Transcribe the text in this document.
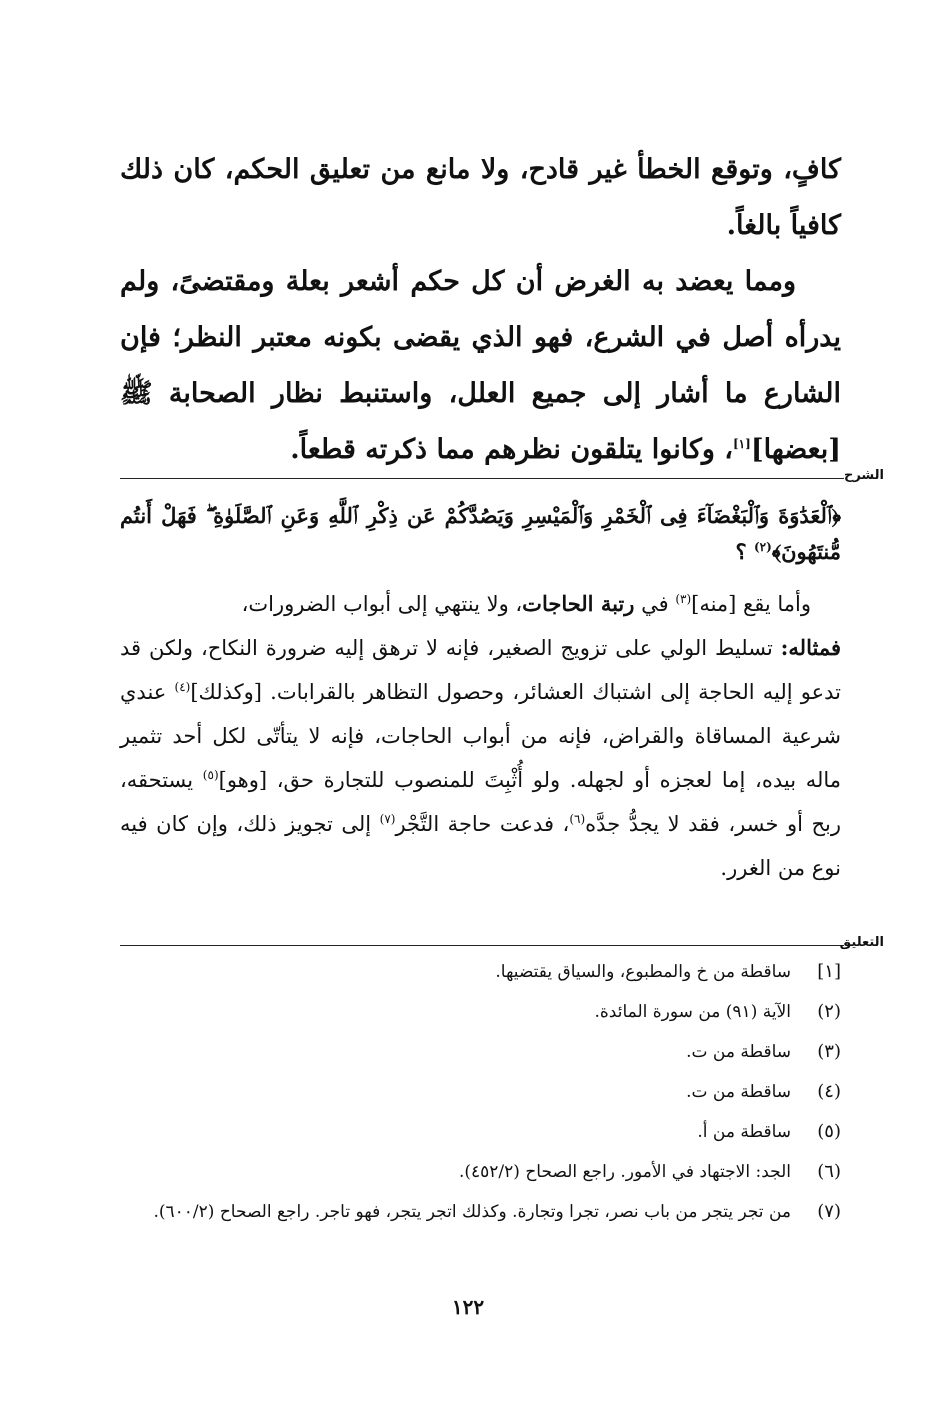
كافٍ، وتوقع الخطأ غير قادح، ولا مانع من تعليق الحكم، كان ذلك كافياً بالغاً.

ومما يعضد به الغرض أن كل حكم أشعر بعلة ومقتضىً، ولم يدرأه أصل في الشرع، فهو الذي يقضى بكونه معتبر النظر؛ فإن الشارع ما أشار إلى جميع العلل، واستنبط نظار الصحابة ﷺ [بعضها][١]، وكانوا يتلقون نظرهم مما ذكرته قطعاً.

الشرح

﴿ٱلْعَدَٰوَةَ وَٱلْبَغْضَآءَ فِى ٱلْخَمْرِ وَٱلْمَيْسِرِ وَيَصُدَّكُمْ عَن ذِكْرِ ٱللَّهِ وَعَنِ ٱلصَّلَوٰةِ ۖ فَهَلْ أَنتُم مُّنتَهُونَ﴾$^{(٢)}$ ؟

وأما يقع [منه]$^{(٣)}$ في رتبة الحاجات، ولا ينتهي إلى أبواب الضرورات،

فمثاله: تسليط الولي على تزويج الصغير، فإنه لا ترهق إليه ضرورة النكاح، ولكن قد تدعو إليه الحاجة إلى اشتباك العشائر، وحصول التظاهر بالقرابات. [وكذلك]$^{(٤)}$ عندي شرعية المساقاة والقراض، فإنه من أبواب الحاجات، فإنه لا يتأتّى لكل أحد تثمير ماله بيده، إما لعجزه أو لجهله. ولو أُثْبِتَ للمنصوب للتجارة حق، [وهو]$^{(٥)}$ يستحقه، ربح أو خسر، فقد لا يجدُّ جدَّه$^{(٦)}$، فدعت حاجة التَّجْر$^{(٧)}$ إلى تجويز ذلك، وإن كان فيه نوع من الغرر.

التعليق
[١]
ساقطة من خ والمطبوع، والسياق يقتضيها.
(٢)
الآية (٩١) من سورة المائدة.
(٣)
ساقطة من ت.
(٤)
ساقطة من ت.
(٥)
ساقطة من أ.
(٦)
الجد: الاجتهاد في الأمور. راجع الصحاح (٤٥٢/٢).
(٧)
من تجر يتجر من باب نصر، تجرا وتجارة. وكذلك اتجر يتجر، فهو تاجر. راجع الصحاح (٦٠٠/٢).
١٢٢
